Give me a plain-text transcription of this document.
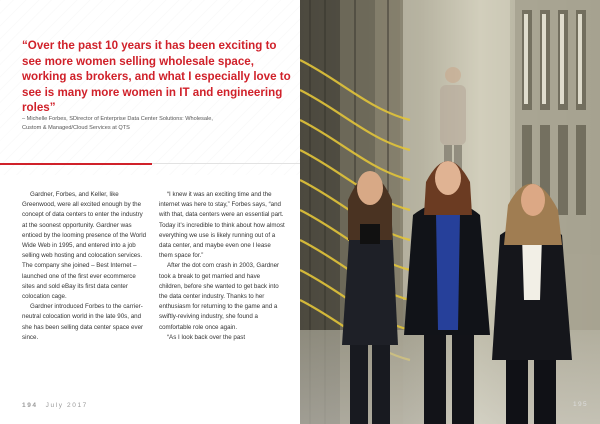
“Over the past 10 years it has been exciting to see more women selling wholesale space, working as brokers, and what I especially love to see is many more women in IT and engineering roles”

– Michelle Forbes, SDirector of Enterprise Data Center Solutions: Wholesale,
Custom & Managed/Cloud Services at QTS

Gardner, Forbes, and Keller, like Greenwood, were all excited enough by the concept of data centers to enter the industry at the soonest opportunity. Gardner was enticed by the looming presence of the World Wide Web in 1995, and entered into a job selling web hosting and colocation services. The company she joined – Best Internet – launched one of the first ever ecommerce sites and sold eBay its first data center colocation cage.

Gardner introduced Forbes to the carrier-neutral colocation world in the late 90s, and she has been selling data center space ever since.

“I knew it was an exciting time and the internet was here to stay,” Forbes says, “and with that, data centers were an essential part. Today it’s incredible to think about how almost everything we use is likely running out of a data center, and maybe even one I lease them space for.”

After the dot com crash in 2003, Gardner took a break to get married and have children, before she wanted to get back into the data center industry. Thanks to her enthusiasm for returning to the game and a swiftly-reviving industry, she found a comfortable role once again.

“As I look back over the past

194 July 2017	195
